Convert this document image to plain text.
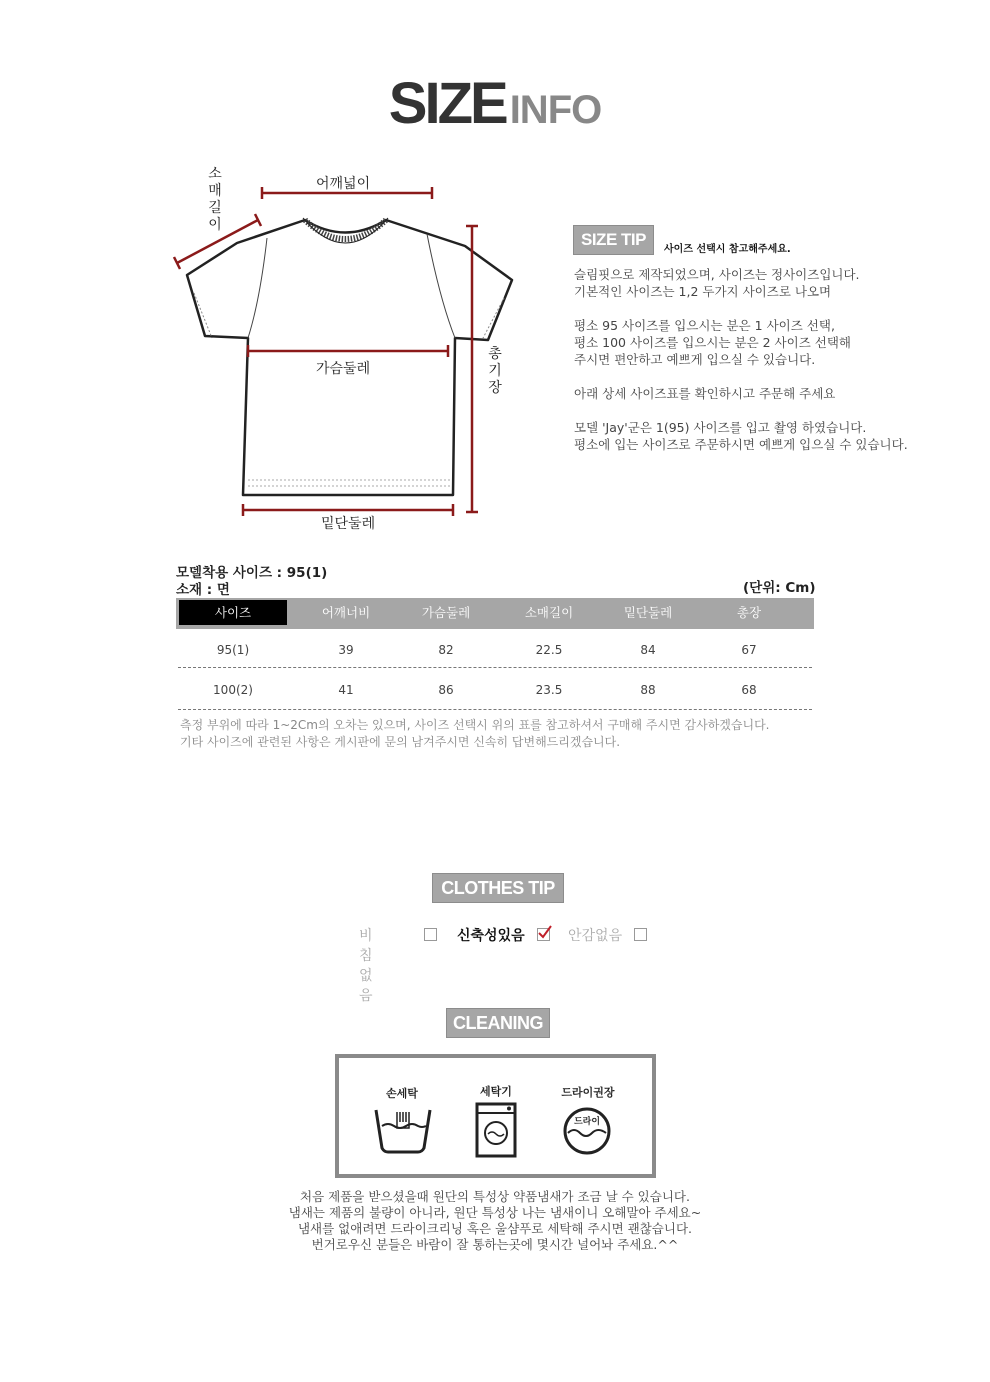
SIZE INFO
소
매
길
이
어깨넓이
가슴둘레
총
기
장
밑단둘레
SIZE TIP
사이즈 선택시 참고해주세요.
슬림핏으로 제작되었으며, 사이즈는 정사이즈입니다.
기본적인 사이즈는 1,2 두가지 사이즈로 나오며
평소 95 사이즈를 입으시는 분은 1 사이즈 선택,
평소 100 사이즈를 입으시는 분은 2 사이즈 선택해
주시면 편안하고 예쁘게 입으실 수 있습니다.
아래 상세 사이즈표를 확인하시고 주문해 주세요
모델 'Jay'군은 1(95) 사이즈를 입고 촬영 하였습니다.
평소에 입는 사이즈로 주문하시면 예쁘게 입으실 수 있습니다.
모델착용 사이즈 : 95(1)
소재 : 면	(단위: Cm)
사이즈	어깨너비	가슴둘레	소매길이	밑단둘레	총장
95(1)	39	82	22.5	84	67
100(2)	41	86	23.5	88	68
측정 부위에 따라 1~2Cm의 오차는 있으며, 사이즈 선택시 위의 표를 참고하셔서 구매해 주시면 감사하겠습니다.
기타 사이즈에 관련된 사항은 게시판에 문의 남겨주시면 신속히 답변해드리겠습니다.
CLOTHES TIP
비침없음
신축성있음	안감없음
CLEANING
손세탁	세탁기	드라이권장
드라이
처음 제품을 받으셨을때 원단의 특성상 약품냄새가 조금 날 수 있습니다.
냄새는 제품의 불량이 아니라, 원단 특성상 나는 냄새이니 오해말아 주세요~
냄새를 없애려면 드라이크리닝 혹은 울샴푸로 세탁해 주시면 괜찮습니다.
번거로우신 분들은 바람이 잘 통하는곳에 몇시간 널어놔 주세요.^^
